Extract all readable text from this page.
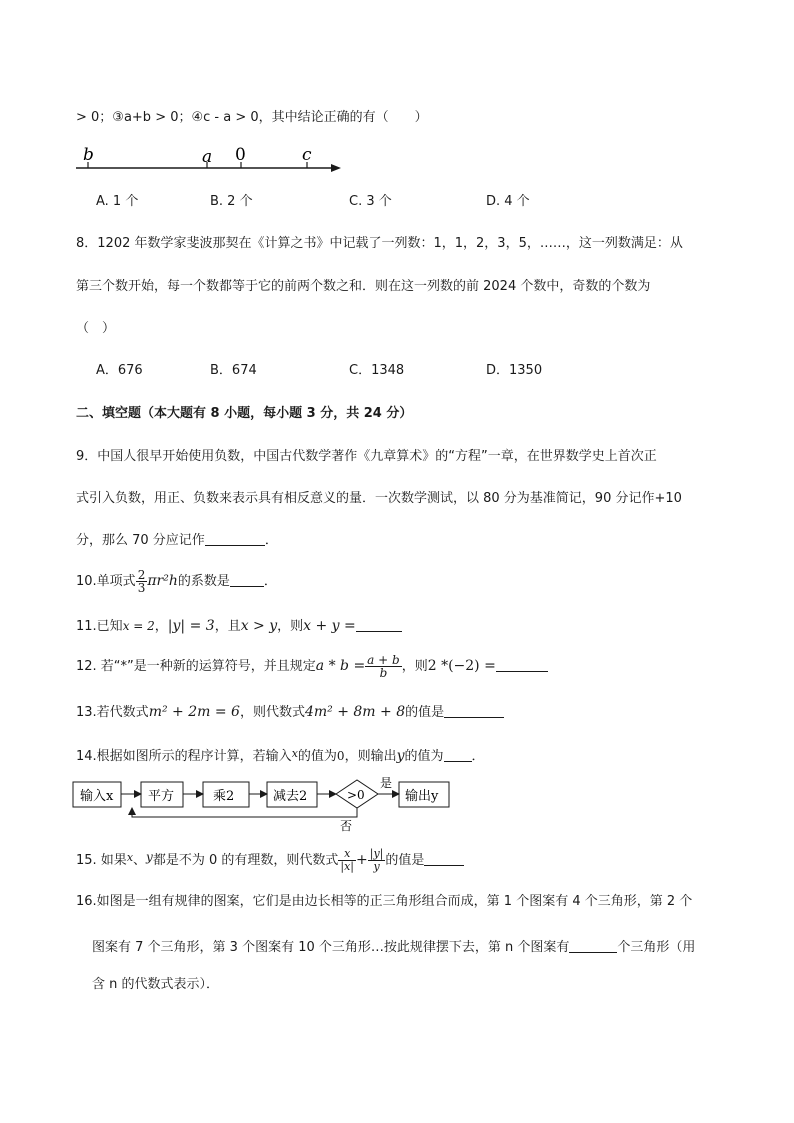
> 0；③a+b > 0；④c - a > 0，其中结论正确的有（　　）
b	a 0	c
A. 1 个	B. 2 个	C. 3 个	D. 4 个
8．1202 年数学家斐波那契在《计算之书》中记载了一列数：1，1，2，3，5，……，这一列数满足：从
第三个数开始，每一个数都等于它的前两个数之和．则在这一列数的前 2024 个数中，奇数的个数为
（　）
A．676	B．674	C．1348	D．1350
二、填空题（本大题有 8 小题，每小题 3 分，共 24 分）
9．中国人很早开始使用负数，中国古代数学著作《九章算术》的“方程”一章，在世界数学史上首次正
式引入负数，用正、负数来表示具有相反意义的量．一次数学测试，以 80 分为基准简记，90 分记作+10
分，那么 70 分应记作	．
10.单项式 $\frac{2}{3} \pi r^2h$的系数是	．
11.已知x = 2，|y| = 3，且x > y，则x + y =
12. 若“*”是一种新的运算符号，并且规定$a * b = \frac{a + b}{b}$ ，则2 *(−2) =
13.若代数式m² + 2m = 6，则代数式4m² + 8m + 8的值是
14.根据如图所示的程序计算，若输入$^x$的值为0，则输出y的值为 ．
输入x	平方	乘2	减去2	>0
是
输出y
否
15. 如果$^x$、y都是不为 0 的有理数，则代数式 $\frac{x}{|x|} + \frac{|y|}{y}$ 的值是
16.如图是一组有规律的图案，它们是由边长相等的正三角形组合而成，第 1 个图案有 4 个三角形，第 2 个
图案有 7 个三角形，第 3 个图案有 10 个三角形…按此规律摆下去，第 n 个图案有	个三角形（用
含 n 的代数式表示）．
